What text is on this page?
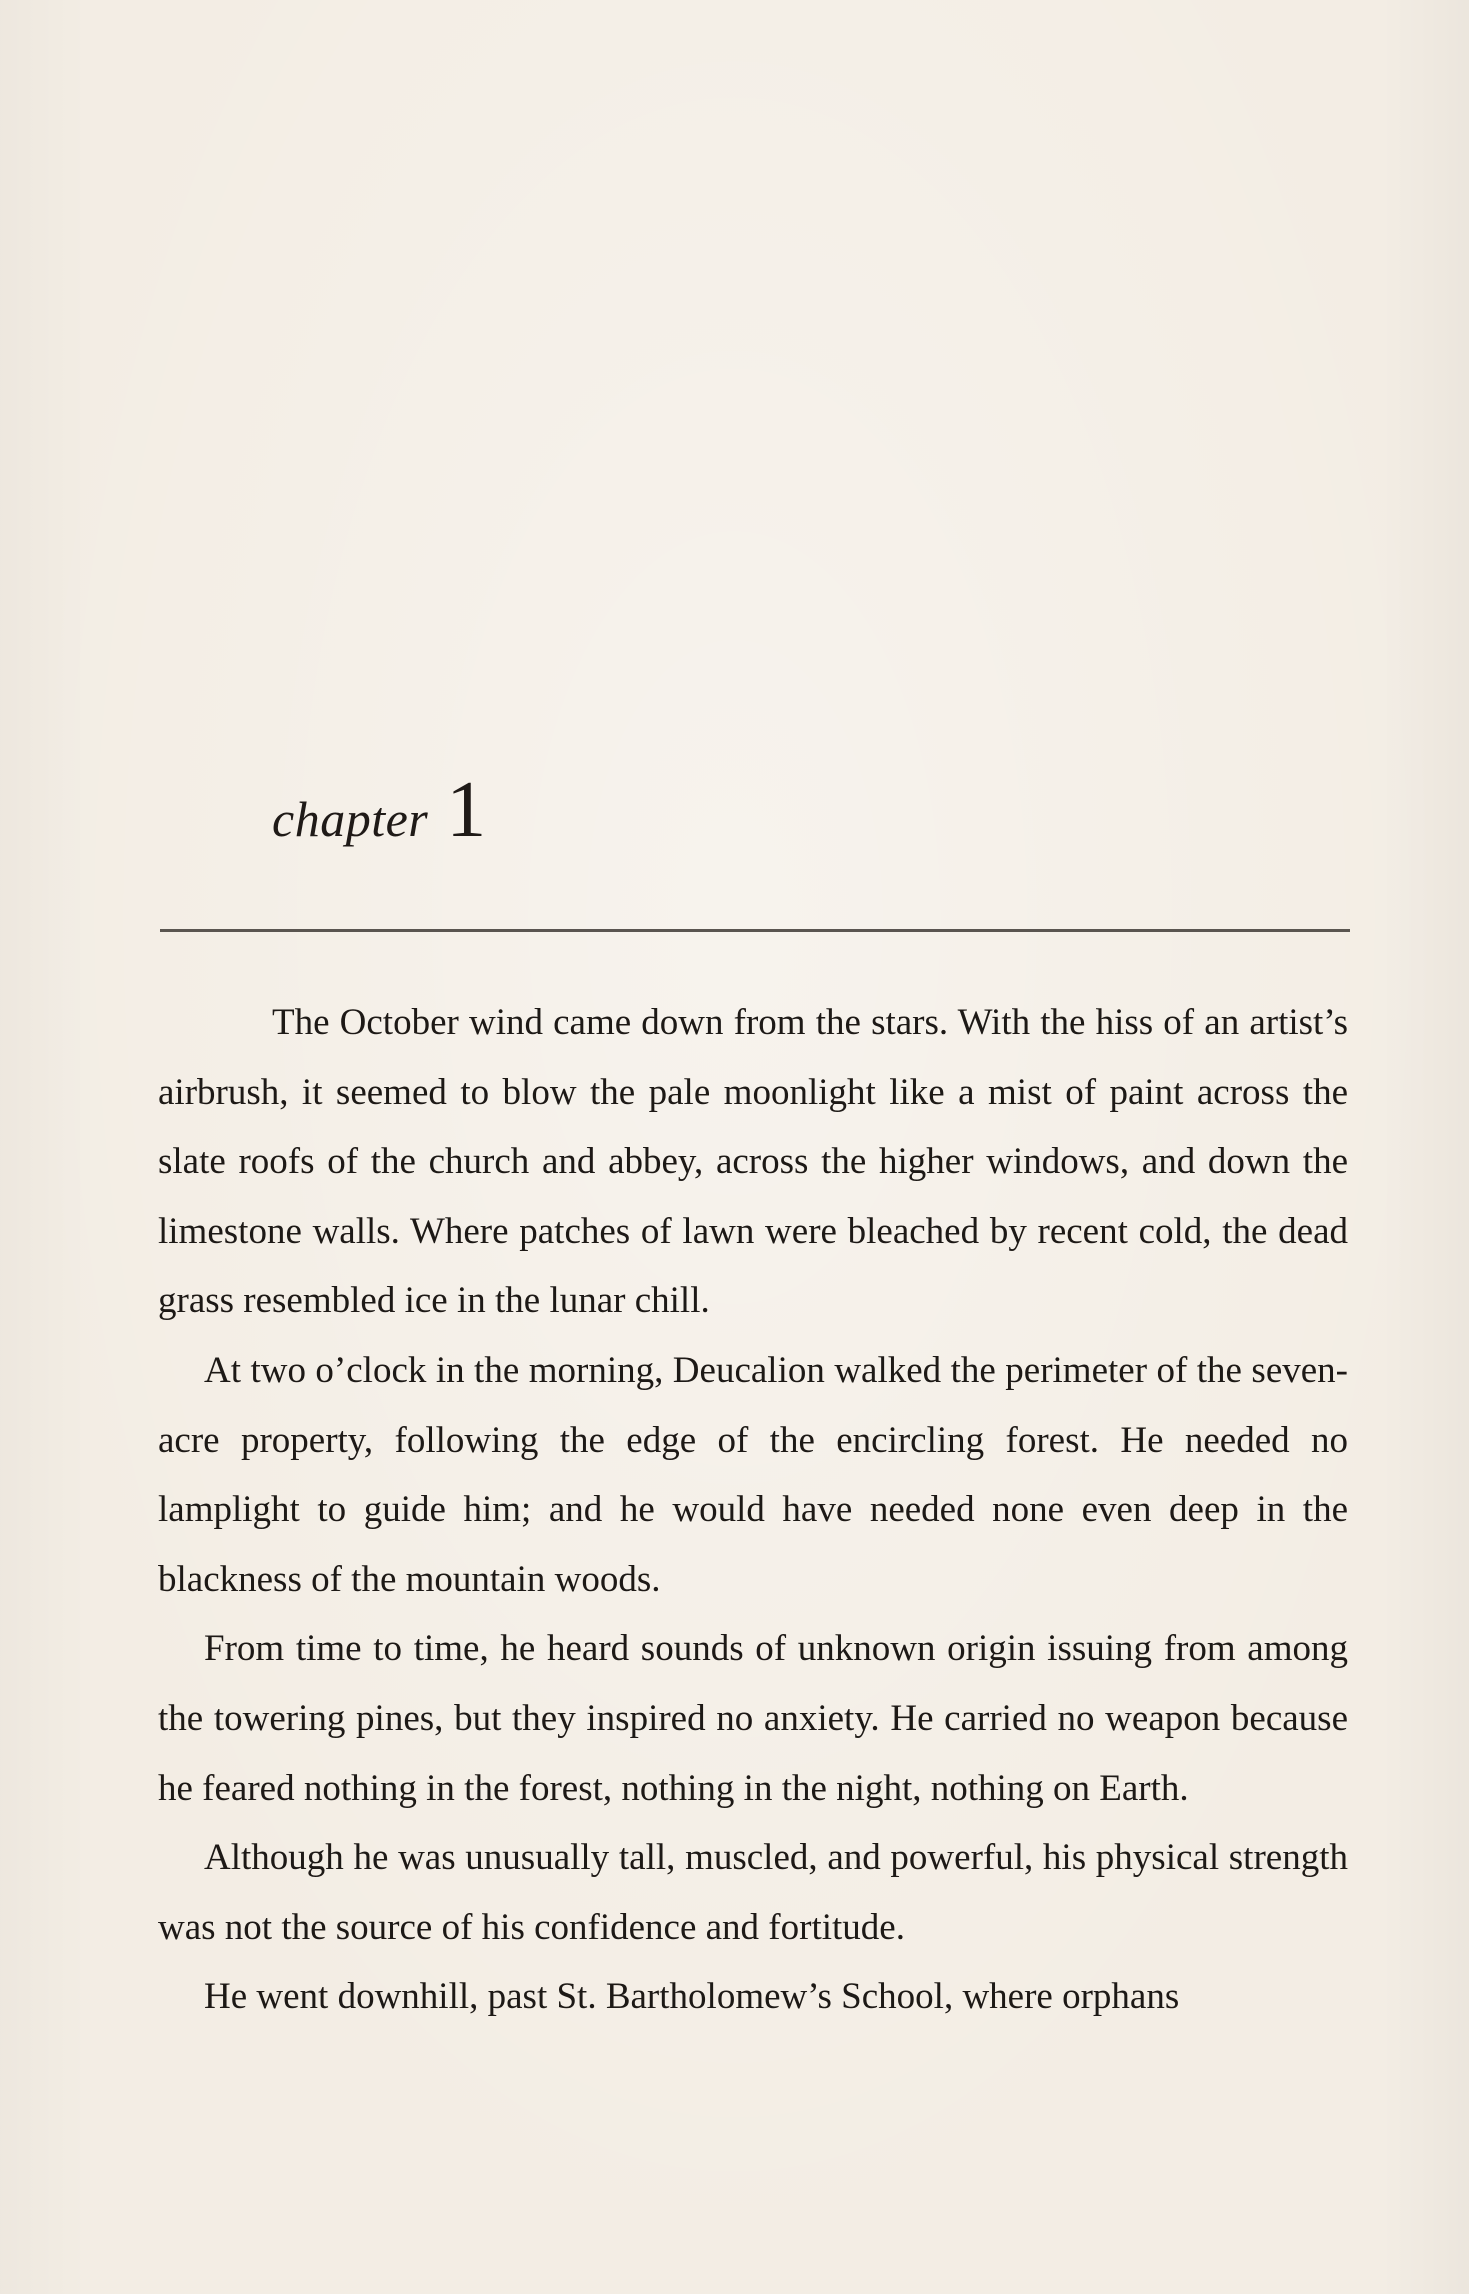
chapter 1

The October wind came down from the stars. With the hiss of an artist’s airbrush, it seemed to blow the pale moonlight like a mist of paint across the slate roofs of the church and abbey, across the higher windows, and down the limestone walls. Where patches of lawn were bleached by recent cold, the dead grass resembled ice in the lunar chill.

At two o’clock in the morning, Deucalion walked the perimeter of the seven-acre property, following the edge of the encircling forest. He needed no lamplight to guide him; and he would have needed none even deep in the blackness of the mountain woods.

From time to time, he heard sounds of unknown origin issuing from among the towering pines, but they inspired no anxiety. He carried no weapon because he feared nothing in the forest, nothing in the night, nothing on Earth.

Although he was unusually tall, muscled, and powerful, his physical strength was not the source of his confidence and fortitude.

He went downhill, past St. Bartholomew’s School, where orphans
